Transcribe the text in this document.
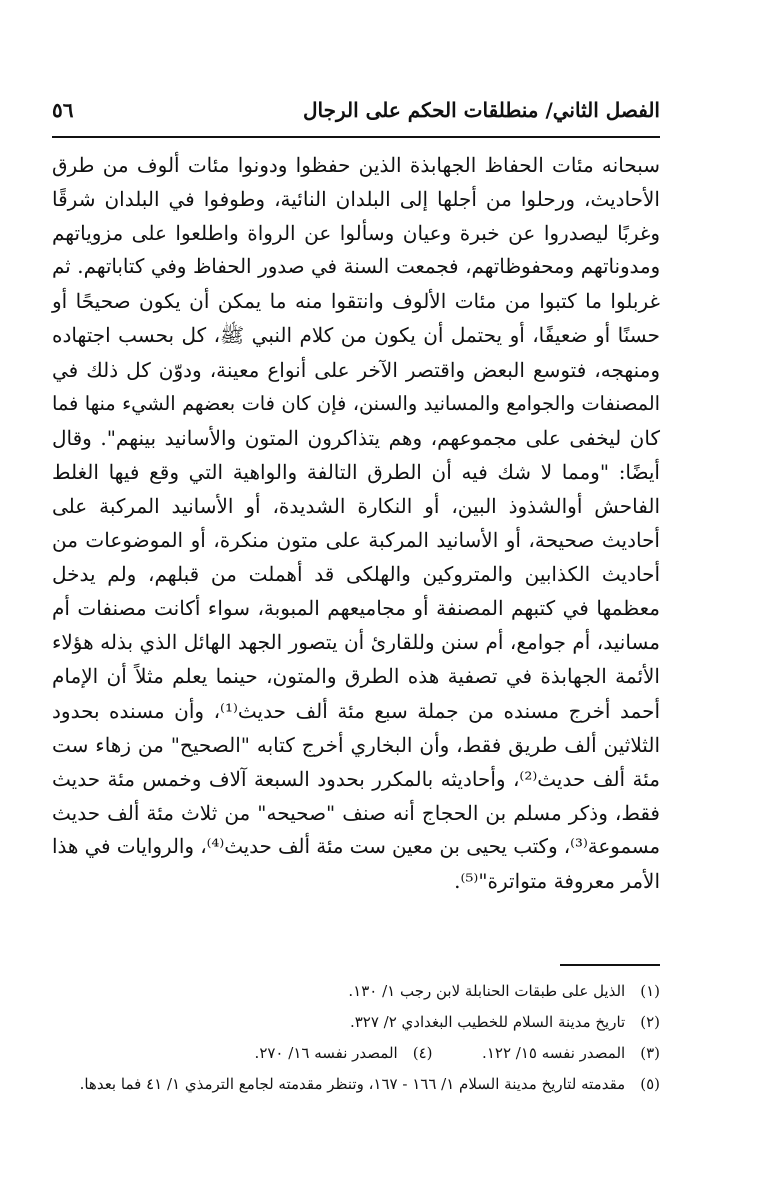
الفصل الثاني/ منطلقات الحكم على الرجال
٥٦
سبحانه مئات الحفاظ الجهابذة الذين حفظوا ودونوا مئات ألوف من طرق
الأحاديث، ورحلوا من أجلها إلى البلدان النائية، وطوفوا في البلدان شرقًا
وغربًا ليصدروا عن خبرة وعيان وسألوا عن الرواة واطلعوا على مزوياتهم
ومدوناتهم ومحفوظاتهم، فجمعت السنة في صدور الحفاظ وفي كتاباتهم. ثم
غربلوا ما كتبوا من مئات الألوف وانتقوا منه ما يمكن أن يكون صحيحًا أو
حسنًا أو ضعيفًا، أو يحتمل أن يكون من كلام النبي ﷺ، كل بحسب اجتهاده
ومنهجه، فتوسع البعض واقتصر الآخر على أنواع معينة، ودوّن كل ذلك في
المصنفات والجوامع والمسانيد والسنن، فإن كان فات بعضهم الشيء منها فما
كان ليخفى على مجموعهم، وهم يتذاكرون المتون والأسانيد بينهم". وقال
أيضًا: "ومما لا شك فيه أن الطرق التالفة والواهية التي وقع فيها الغلط
الفاحش أوالشذوذ البين، أو النكارة الشديدة، أو الأسانيد المركبة على
أحاديث صحيحة، أو الأسانيد المركبة على متون منكرة، أو الموضوعات من
أحاديث الكذابين والمتروكين والهلكى قد أهملت من قبلهم، ولم يدخل
معظمها في كتبهم المصنفة أو مجاميعهم المبوبة، سواء أكانت مصنفات أم
مسانيد، أم جوامع، أم سنن وللقارئ أن يتصور الجهد الهائل الذي بذله هؤلاء
الأئمة الجهابذة في تصفية هذه الطرق والمتون، حينما يعلم مثلاً أن الإمام
أحمد أخرج مسنده من جملة سبع مئة ألف حديث⁽¹⁾، وأن مسنده بحدود
الثلاثين ألف طريق فقط، وأن البخاري أخرج كتابه "الصحيح" من زهاء ست
مئة ألف حديث⁽²⁾، وأحاديثه بالمكرر بحدود السبعة آلاف وخمس مئة حديث
فقط، وذكر مسلم بن الحجاج أنه صنف "صحيحه" من ثلاث مئة ألف حديث
مسموعة⁽³⁾، وكتب يحيى بن معين ست مئة ألف حديث⁽⁴⁾، والروايات في هذا
الأمر معروفة متواترة"⁽⁵⁾.
(١) الذيل على طبقات الحنابلة لابن رجب ١/ ١٣٠.
(٢) تاريخ مدينة السلام للخطيب البغدادي ٢/ ٣٢٧.
(٣) المصدر نفسه ١٥/ ١٢٢.  (٤) المصدر نفسه ١٦/ ٢٧٠.
(٥) مقدمته لتاريخ مدينة السلام ١/ ١٦٦ - ١٦٧، وتنظر مقدمته لجامع الترمذي ١/ ٤١ فما بعدها.
